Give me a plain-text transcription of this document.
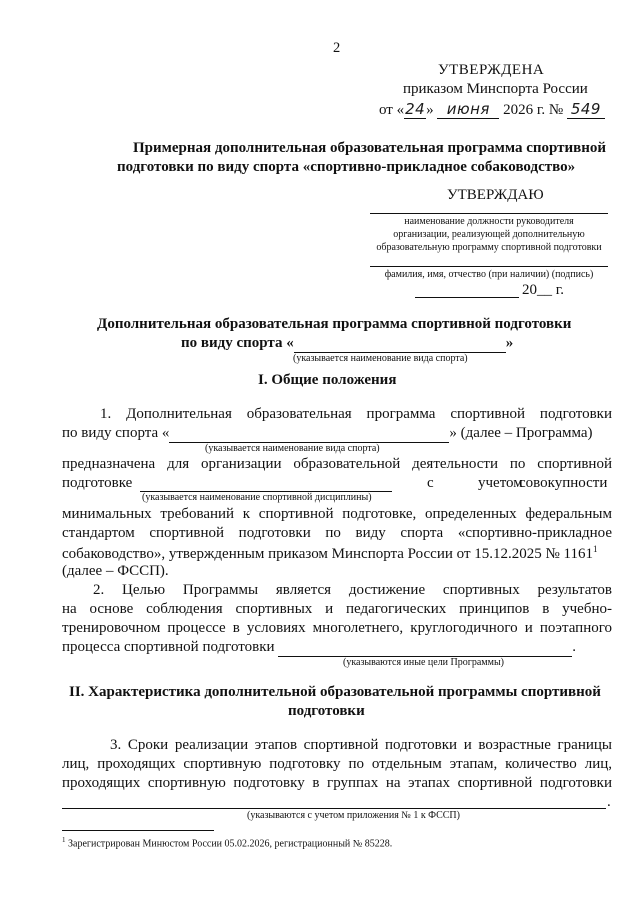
2
УТВЕРЖДЕНА
приказом Минспорта России
от «24» июня 2026 г. № 549
Примерная дополнительная образовательная программа спортивной
подготовки по виду спорта «спортивно-прикладное собаководство»
УТВЕРЖДАЮ
наименование должности руководителя
организации, реализующей дополнительную
образовательную программу спортивной подготовки
фамилия, имя, отчество (при наличии) (подпись)
20__ г.
Дополнительная образовательная программа спортивной подготовки
по виду спорта «	»
(указывается наименование вида спорта)
I. Общие положения
1. Дополнительная образовательная программа спортивной подготовки
по виду спорта «	» (далее – Программа)
(указывается наименование вида спорта)
предназначена для организации образовательной деятельности по спортивной
подготовке	с	учетом
совокупности
(указывается наименование спортивной дисциплины)
минимальных требований к спортивной подготовке, определенных федеральным
стандартом спортивной подготовки по виду спорта «спортивно-прикладное
собаководство», утвержденным приказом Минспорта России от 15.12.2025 № 1161$^1$
(далее – ФССП).
2. Целью Программы является достижение спортивных результатов
на основе соблюдения спортивных и педагогических принципов в учебно-
тренировочном процессе в условиях многолетнего, круглогодичного и поэтапного
процесса спортивной подготовки	.
(указываются иные цели Программы)
II. Характеристика дополнительной образовательной программы спортивной
подготовки
3. Сроки реализации этапов спортивной подготовки и возрастные границы
лиц, проходящих спортивную подготовку по отдельным этапам, количество лиц,
проходящих спортивную подготовку в группах на этапах спортивной подготовки
.
(указываются с учетом приложения № 1 к ФССП)
$^1$ Зарегистрирован Минюстом России 05.02.2026, регистрационный № 85228.
